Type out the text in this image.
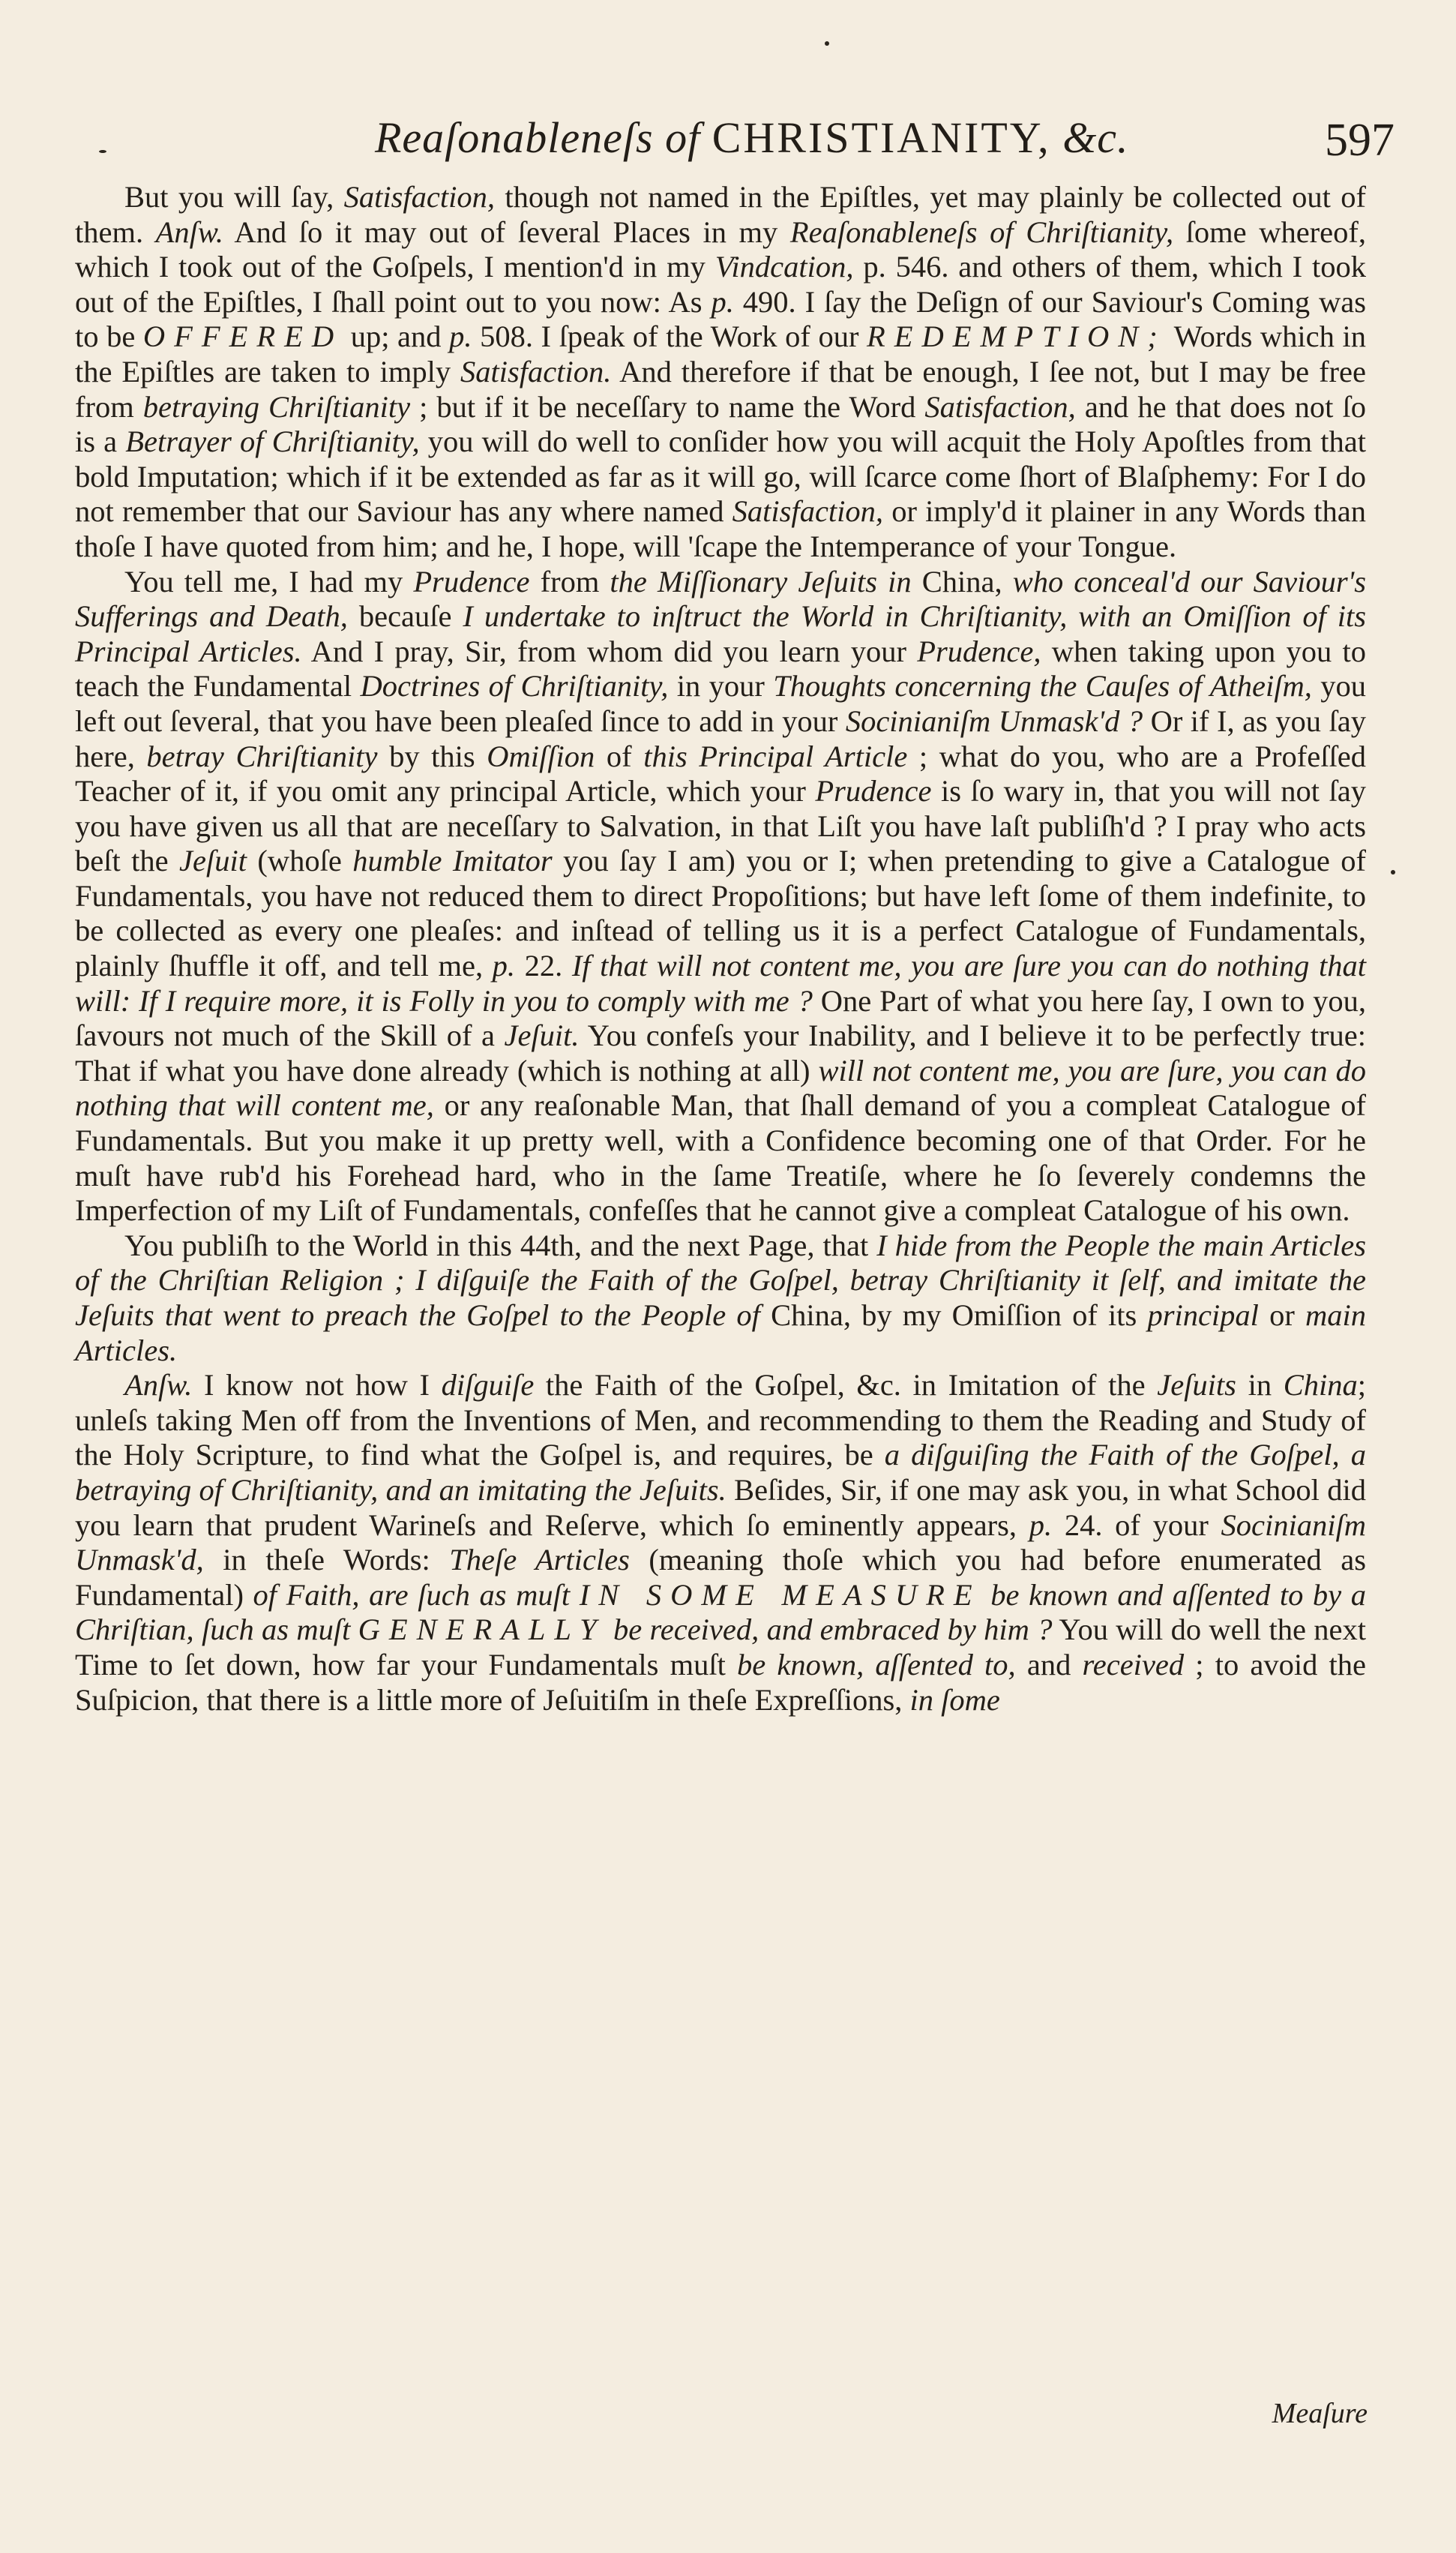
Reaſonableneſs of CHRISTIANITY, &c.	597

But you will ſay, Satisfaction, though not named in the Epiſtles, yet may plainly be collected out of them. Anſw. And ſo it may out of ſeveral Places in my Reaſonableneſs of Chriſtianity, ſome whereof, which I took out of the Goſpels, I mention'd in my Vindcation, p. 546. and others of them, which I took out of the Epiſtles, I ſhall point out to you now: As p. 490. I ſay the Deſign of our Saviour's Coming was to be OFFERED up; and p. 508. I ſpeak of the Work of our REDEMPTION; Words which in the Epiſtles are taken to imply Satisfaction. And therefore if that be enough, I ſee not, but I may be free from betraying Chriſtianity ; but if it be neceſſary to name the Word Satisfaction, and he that does not ſo is a Betrayer of Chriſtianity, you will do well to conſider how you will acquit the Holy Apoſtles from that bold Imputation; which if it be extended as far as it will go, will ſcarce come ſhort of Blaſphemy: For I do not remember that our Saviour has any where named Satisfaction, or imply'd it plainer in any Words than thoſe I have quoted from him; and he, I hope, will 'ſcape the Intemperance of your Tongue.

You tell me, I had my Prudence from the Miſſionary Jeſuits in China, who conceal'd our Saviour's Sufferings and Death, becauſe I undertake to inſtruct the World in Chriſtianity, with an Omiſſion of its Principal Articles. And I pray, Sir, from whom did you learn your Prudence, when taking upon you to teach the Fundamental Doctrines of Chriſtianity, in your Thoughts concerning the Cauſes of Atheiſm, you left out ſeveral, that you have been pleaſed ſince to add in your Socinianiſm Unmask'd ? Or if I, as you ſay here, betray Chriſtianity by this Omiſſion of this Principal Article ; what do you, who are a Profeſſed Teacher of it, if you omit any principal Article, which your Prudence is ſo wary in, that you will not ſay you have given us all that are neceſſary to Salvation, in that Liſt you have laſt publiſh'd ? I pray who acts beſt the Jeſuit (whoſe humble Imitator you ſay I am) you or I; when pretending to give a Catalogue of Fundamentals, you have not reduced them to direct Propoſitions; but have left ſome of them indefinite, to be collected as every one pleaſes: and inſtead of telling us it is a perfect Catalogue of Fundamentals, plainly ſhuffle it off, and tell me, p. 22. If that will not content me, you are ſure you can do nothing that will: If I require more, it is Folly in you to comply with me ? One Part of what you here ſay, I own to you, ſavours not much of the Skill of a Jeſuit. You confeſs your Inability, and I believe it to be perfectly true: That if what you have done already (which is nothing at all) will not content me, you are ſure, you can do nothing that will content me, or any reaſonable Man, that ſhall demand of you a compleat Catalogue of Fundamentals. But you make it up pretty well, with a Confidence becoming one of that Order. For he muſt have rub'd his Forehead hard, who in the ſame Treatiſe, where he ſo ſeverely condemns the Imperfection of my Liſt of Fundamentals, confeſſes that he cannot give a compleat Catalogue of his own.

You publiſh to the World in this 44th, and the next Page, that I hide from the People the main Articles of the Chriſtian Religion ; I diſguiſe the Faith of the Goſpel, betray Chriſtianity it ſelf, and imitate the Jeſuits that went to preach the Goſpel to the People of China, by my Omiſſion of its principal or main Articles.

Anſw. I know not how I diſguiſe the Faith of the Goſpel, &c. in Imitation of the Jeſuits in China; unleſs taking Men off from the Inventions of Men, and recommending to them the Reading and Study of the Holy Scripture, to find what the Goſpel is, and requires, be a diſguiſing the Faith of the Goſpel, a betraying of Chriſtianity, and an imitating the Jeſuits. Beſides, Sir, if one may ask you, in what School did you learn that prudent Warineſs and Reſerve, which ſo eminently appears, p. 24. of your Socinianiſm Unmask'd, in theſe Words: Theſe Articles (meaning thoſe which you had before enumerated as Fundamental) of Faith, are ſuch as muſt IN SOME MEASURE be known and aſſented to by a Chriſtian, ſuch as muſt GENERALLY be received, and embraced by him ? You will do well the next Time to ſet down, how far your Fundamentals muſt be known, aſſented to, and received ; to avoid the Suſpicion, that there is a little more of Jeſuitiſm in theſe Expreſſions, in ſome

Meaſure
